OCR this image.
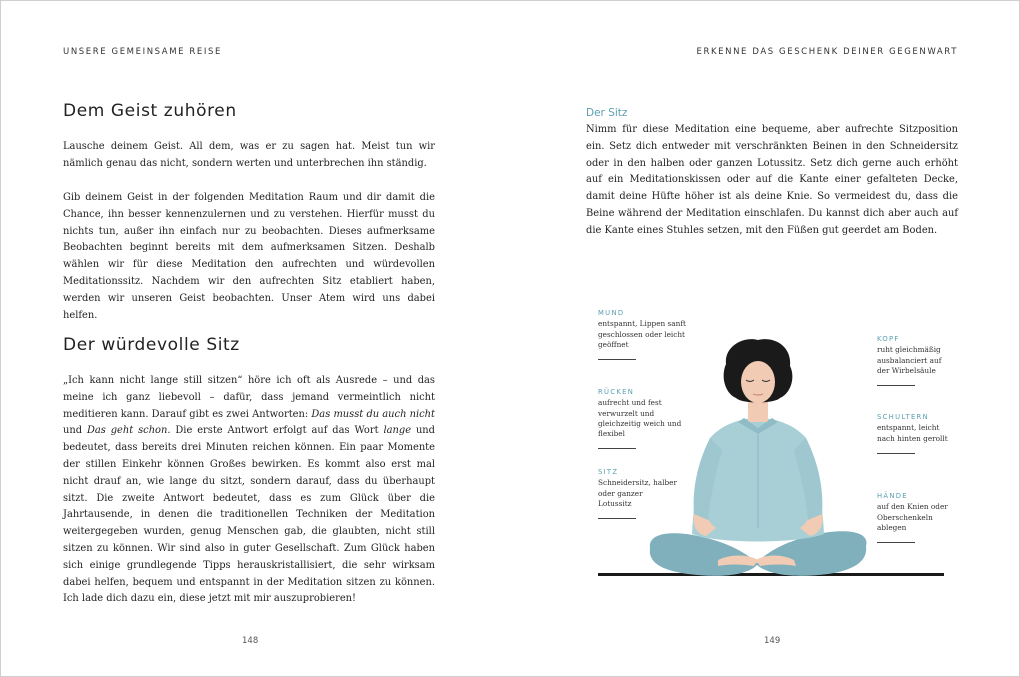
UNSERE GEMEINSAME REISE
Dem Geist zuhören

Lausche deinem Geist. All dem, was er zu sagen hat. Meist tun wir nämlich genau das nicht, sondern werten und unterbrechen ihn ständig.

Gib deinem Geist in der folgenden Meditation Raum und dir damit die Chance, ihn besser kennenzulernen und zu verstehen. Hierfür musst du nichts tun, außer ihn einfach nur zu beobachten. Dieses aufmerksame Beobachten beginnt bereits mit dem aufmerksamen Sitzen. Deshalb wählen wir für diese Meditation den aufrechten und würdevollen Meditationssitz. Nachdem wir den aufrechten Sitz etabliert haben, werden wir unseren Geist beobachten. Unser Atem wird uns dabei helfen.

Der würdevolle Sitz

„Ich kann nicht lange still sitzen“ höre ich oft als Ausrede – und das meine ich ganz liebevoll – dafür, dass jemand vermeintlich nicht meditieren kann. Darauf gibt es zwei Antworten: Das musst du auch nicht und Das geht schon. Die erste Antwort erfolgt auf das Wort lange und bedeutet, dass bereits drei Minuten reichen können. Ein paar Momente der stillen Einkehr können Großes bewirken. Es kommt also erst mal nicht drauf an, wie lange du sitzt, sondern darauf, dass du überhaupt sitzt. Die zweite Antwort bedeutet, dass es zum Glück über die Jahrtausende, in denen die traditionellen Techniken der Meditation weitergegeben wurden, genug Menschen gab, die glaubten, nicht still sitzen zu können. Wir sind also in guter Gesellschaft. Zum Glück haben sich einige grundlegende Tipps herauskristallisiert, die sehr wirksam dabei helfen, bequem und entspannt in der Meditation sitzen zu können. Ich lade dich dazu ein, diese jetzt mit mir auszuprobieren!

148
ERKENNE DAS GESCHENK DEINER GEGENWART
Der Sitz

Nimm für diese Meditation eine bequeme, aber aufrechte Sitzposition ein. Setz dich entweder mit verschränkten Beinen in den Schneidersitz oder in den halben oder ganzen Lotussitz. Setz dich gerne auch erhöht auf ein Meditationskissen oder auf die Kante einer gefalteten Decke, damit deine Hüfte höher ist als deine Knie. So vermeidest du, dass die Beine während der Meditation einschlafen. Du kannst dich aber auch auf die Kante eines Stuhles setzen, mit den Füßen gut geerdet am Boden.

149
MUND
entspannt, Lippen sanft geschlossen oder leicht geöffnet
RÜCKEN
aufrecht und fest verwurzelt und gleichzeitig weich und flexibel
SITZ
Schneidersitz, halber oder ganzer Lotussitz
KOPF
ruht gleichmäßig ausbalanciert auf der Wirbelsäule
SCHULTERN
entspannt, leicht nach hinten gerollt
HÄNDE
auf den Knien oder Oberschenkeln ablegen
